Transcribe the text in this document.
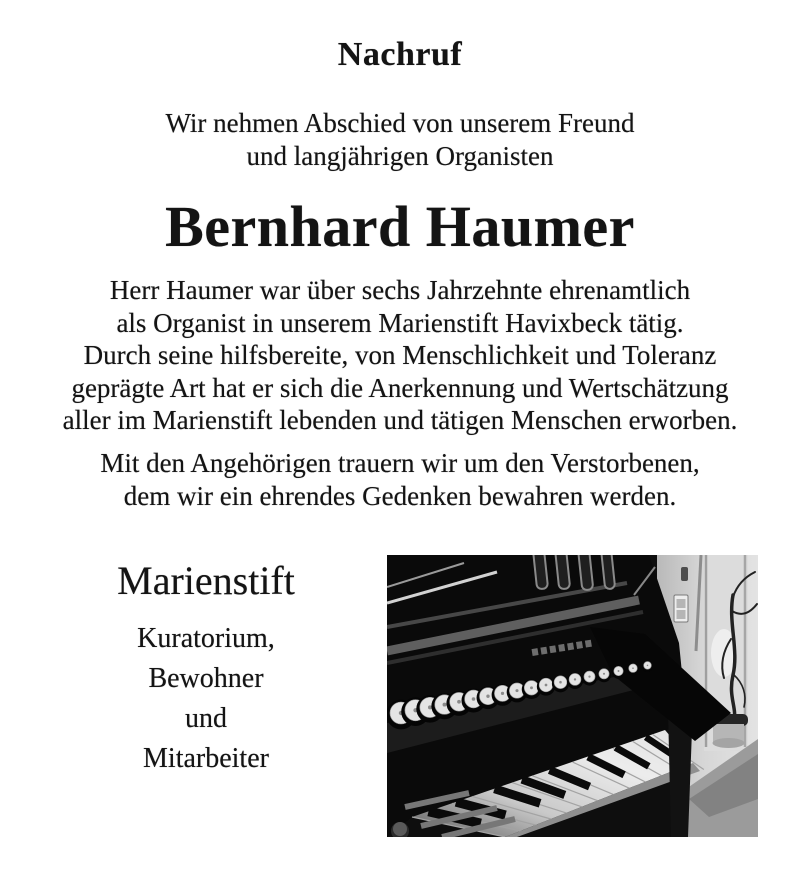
Nachruf
Wir nehmen Abschied von unserem Freund
und langjährigen Organisten
Bernhard Haumer
Herr Haumer war über sechs Jahrzehnte ehrenamtlich
als Organist in unserem Marienstift Havixbeck tätig.
Durch seine hilfsbereite, von Menschlichkeit und Toleranz
geprägte Art hat er sich die Anerkennung und Wertschätzung
aller im Marienstift lebenden und tätigen Menschen erworben.
Mit den Angehörigen trauern wir um den Verstorbenen,
dem wir ein ehrendes Gedenken bewahren werden.
Marienstift
Kuratorium,
Bewohner
und
Mitarbeiter
